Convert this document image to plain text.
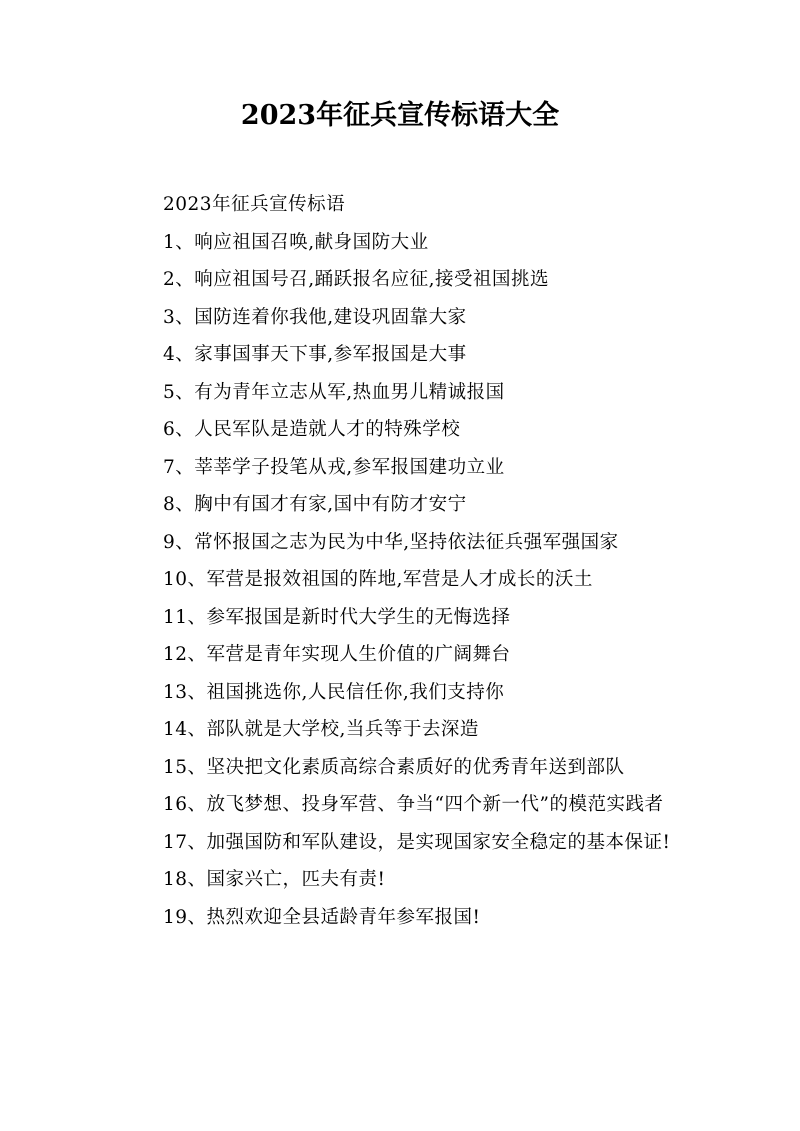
2023年征兵宣传标语大全

2023年征兵宣传标语

1、响应祖国召唤,献身国防大业

2、响应祖国号召,踊跃报名应征,接受祖国挑选

3、国防连着你我他,建设巩固靠大家

4、家事国事天下事,参军报国是大事

5、有为青年立志从军,热血男儿精诚报国

6、人民军队是造就人才的特殊学校

7、莘莘学子投笔从戎,参军报国建功立业

8、胸中有国才有家,国中有防才安宁

9、常怀报国之志为民为中华,坚持依法征兵强军强国家

10、军营是报效祖国的阵地,军营是人才成长的沃土

11、参军报国是新时代大学生的无悔选择

12、军营是青年实现人生价值的广阔舞台

13、祖国挑选你,人民信任你,我们支持你

14、部队就是大学校,当兵等于去深造

15、坚决把文化素质高综合素质好的优秀青年送到部队

16、放飞梦想、投身军营、争当“四个新一代”的模范实践者

17、加强国防和军队建设，是实现国家安全稳定的基本保证!

18、国家兴亡，匹夫有责!

19、热烈欢迎全县适龄青年参军报国!
